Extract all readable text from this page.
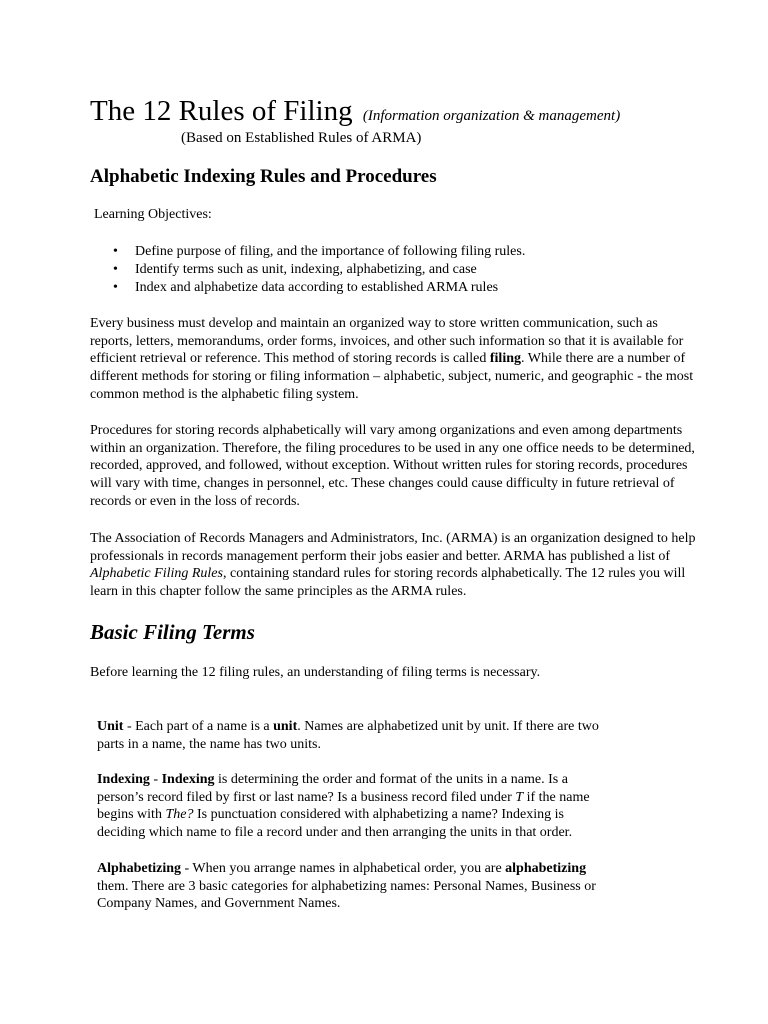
The 12 Rules of Filing (Information organization & management)
(Based on Established Rules of ARMA)
Alphabetic Indexing Rules and Procedures
Learning Objectives:
• Define purpose of filing, and the importance of following filing rules.
• Identify terms such as unit, indexing, alphabetizing, and case
• Index and alphabetize data according to established ARMA rules

Every business must develop and maintain an organized way to store written communication, such as
reports, letters, memorandums, order forms, invoices, and other such information so that it is available for
efficient retrieval or reference. This method of storing records is called filing. While there are a number of
different methods for storing or filing information – alphabetic, subject, numeric, and geographic - the most
common method is the alphabetic filing system.

Procedures for storing records alphabetically will vary among organizations and even among departments
within an organization. Therefore, the filing procedures to be used in any one office needs to be determined,
recorded, approved, and followed, without exception. Without written rules for storing records, procedures
will vary with time, changes in personnel, etc. These changes could cause difficulty in future retrieval of
records or even in the loss of records.

The Association of Records Managers and Administrators, Inc. (ARMA) is an organization designed to help
professionals in records management perform their jobs easier and better. ARMA has published a list of
Alphabetic Filing Rules, containing standard rules for storing records alphabetically. The 12 rules you will
learn in this chapter follow the same principles as the ARMA rules.

Basic Filing Terms
Before learning the 12 filing rules, an understanding of filing terms is necessary.

Unit - Each part of a name is a unit. Names are alphabetized unit by unit. If there are two
parts in a name, the name has two units.

Indexing - Indexing is determining the order and format of the units in a name. Is a
person’s record filed by first or last name? Is a business record filed under T if the name
begins with The? Is punctuation considered with alphabetizing a name? Indexing is
deciding which name to file a record under and then arranging the units in that order.

Alphabetizing - When you arrange names in alphabetical order, you are alphabetizing
them. There are 3 basic categories for alphabetizing names: Personal Names, Business or
Company Names, and Government Names.
